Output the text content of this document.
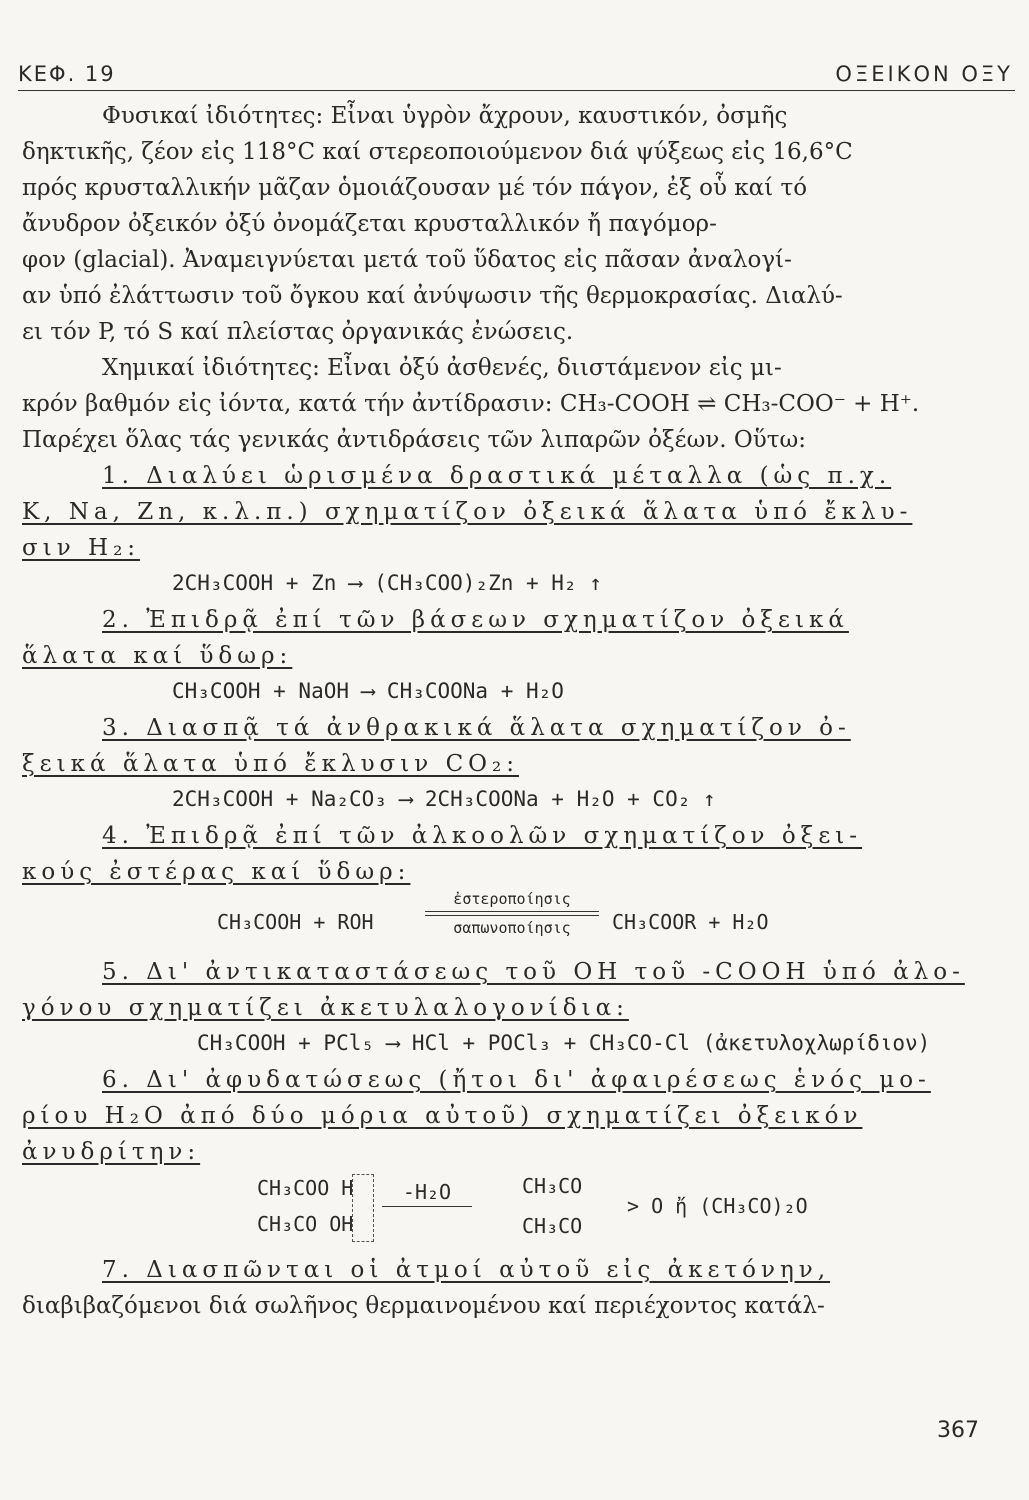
ΚΕΦ. 19	ΟΞΕΙΚΟΝ ΟΞΥ
Φυσικαί ἰδιότητες: Εἶναι ὑγρὸν ἄχρουν, καυστικόν, ὀσμῆς
δηκτικῆς, ζέον εἰς 118°C καί στερεοποιούμενον διά ψύξεως εἰς 16,6°C
πρός κρυσταλλικήν μᾶζαν ὁμοιάζουσαν μέ τόν πάγον, ἐξ οὗ καί τό
ἄνυδρον ὀξεικόν ὀξύ ὀνομάζεται κρυσταλλικόν ἤ παγόμορ-
φον (glacial). Ἀναμειγνύεται μετά τοῦ ὕδατος εἰς πᾶσαν ἀναλογί-
αν ὑπό ἐλάττωσιν τοῦ ὄγκου καί ἀνύψωσιν τῆς θερμοκρασίας. Διαλύ-
ει τόν P, τό S καί πλείστας ὀργανικάς ἐνώσεις.
Χημικαί ἰδιότητες: Εἶναι ὀξύ ἀσθενές, διιστάμενον εἰς μι-
κρόν βαθμόν εἰς ἰόντα, κατά τήν ἀντίδρασιν: CH₃-COOH ⇌ CH₃-COO⁻ + H⁺.
Παρέχει ὅλας τάς γενικάς ἀντιδράσεις τῶν λιπαρῶν ὀξέων. Οὕτω:
1. Διαλύει ὡρισμένα δραστικά μέταλλα (ὡς π.χ.
K, Na, Zn, κ.λ.π.) σχηματίζον ὀξεικά ἅλατα ὑπό ἔκλυ-
σιν H₂:
2CH₃COOH + Zn ⟶ (CH₃COO)₂Zn + H₂ ↑
2. Ἐπιδρᾷ ἐπί τῶν βάσεων σχηματίζον ὀξεικά
ἅλατα καί ὕδωρ:
CH₃COOH + NaOH ⟶ CH₃COONa + H₂O
3. Διασπᾷ τά ἀνθρακικά ἅλατα σχηματίζον ὀ-
ξεικά ἅλατα ὑπό ἔκλυσιν CO₂:
2CH₃COOH + Na₂CO₃ ⟶ 2CH₃COONa + H₂O + CO₂ ↑
4. Ἐπιδρᾷ ἐπί τῶν ἀλκοολῶν σχηματίζον ὀξει-
κούς ἐστέρας καί ὕδωρ:
CH₃COOH + ROH
ἐστεροποίησις
σαπωνοποίησις	CH₃COOR + H₂O
5. Δι' ἀντικαταστάσεως τοῦ OH τοῦ -COOH ὑπό ἀλο-
γόνου σχηματίζει ἀκετυλαλογονίδια:
CH₃COOH + PCl₅ ⟶ HCl + POCl₃ + CH₃CO-Cl (ἀκετυλοχλωρίδιον)
6. Δι' ἀφυδατώσεως (ἤτοι δι' ἀφαιρέσεως ἑνός μο-
ρίου H₂O ἀπό δύο μόρια αὐτοῦ) σχηματίζει ὀξεικόν
ἀνυδρίτην:
CH₃COO H
CH₃CO OH
-H₂O	CH₃CO
CH₃CO
> O ἤ (CH₃CO)₂O
7. Διασπῶνται οἱ ἀτμοί αὐτοῦ εἰς ἀκετόνην,
διαβιβαζόμενοι διά σωλῆνος θερμαινομένου καί περιέχοντος κατάλ-
367
